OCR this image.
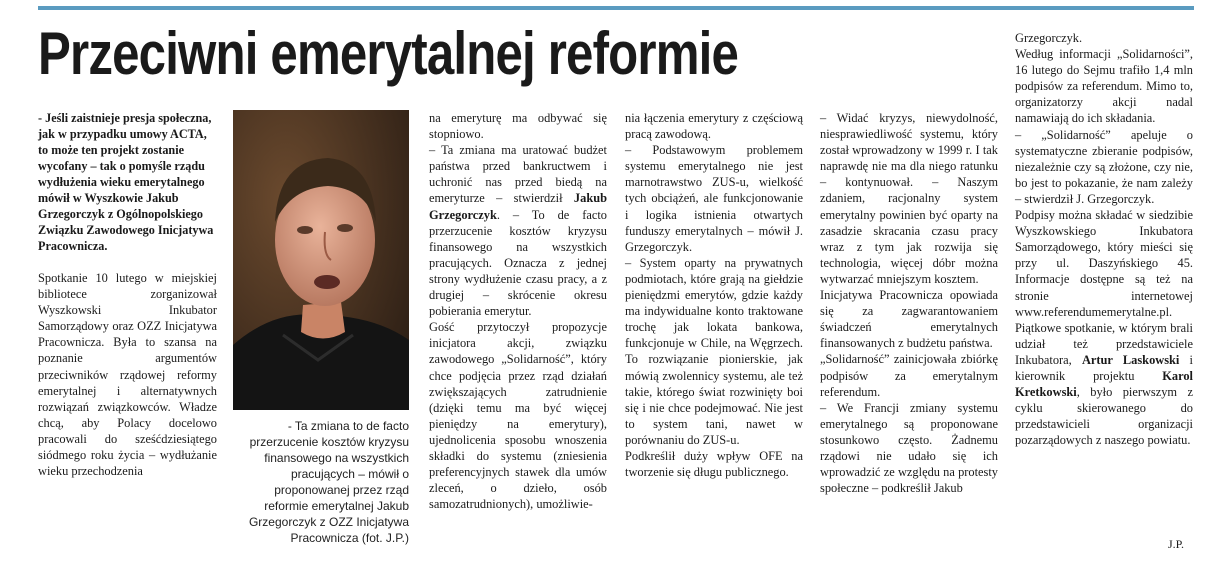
Przeciwni emerytalnej reformie

- Jeśli zaistnieje presja społeczna, jak w przypadku umowy ACTA, to może ten projekt zostanie wycofany – tak o pomyśle rządu wydłużenia wieku emerytalnego mówił w Wyszkowie Jakub Grzegorczyk z Ogólnopolskiego Związku Zawodowego Inicjatywa Pracownicza.

Spotkanie 10 lutego w miejskiej bibliotece zorganizował Wyszkowski Inkubator Samorządowy oraz OZZ Inicjatywa Pracownicza. Była to szansa na poznanie argumentów przeciwników rządowej reformy emerytalnej i alternatywnych rozwiązań związkowców. Władze chcą, aby Polacy docelowo pracowali do sześćdziesiątego siódmego roku życia – wydłużanie wieku przechodzenia

- Ta zmiana to de facto przerzucenie kosztów kryzysu finansowego na wszystkich pracujących – mówił o proponowanej przez rząd reformie emerytalnej Jakub Grzegorczyk z OZZ Inicjatywa Pracownicza (fot. J.P.)

na emeryturę ma odbywać się stopniowo.

– Ta zmiana ma uratować budżet państwa przed bankructwem i uchronić nas przed biedą na emeryturze – stwierdził Jakub Grzegorczyk. – To de facto przerzucenie kosztów kryzysu finansowego na wszystkich pracujących. Oznacza z jednej strony wydłużenie czasu pracy, a z drugiej – skrócenie okresu pobierania emerytur.

Gość przytoczył propozycje inicjatora akcji, związku zawodowego „Solidarność”, który chce podjęcia przez rząd działań zwiększających zatrudnienie (dzięki temu ma być więcej pieniędzy na emerytury), ujednolicenia sposobu wnoszenia składki do systemu (zniesienia preferencyjnych stawek dla umów zleceń, o dzieło, osób samozatrudnionych), umożliwie-

nia łączenia emerytury z częściową pracą zawodową.

– Podstawowym problemem systemu emerytalnego nie jest marnotrawstwo ZUS-u, wielkość tych obciążeń, ale funkcjonowanie i logika istnienia otwartych funduszy emerytalnych – mówił J. Grzegorczyk.

– System oparty na prywatnych podmiotach, które grają na giełdzie pieniędzmi emerytów, gdzie każdy ma indywidualne konto traktowane trochę jak lokata bankowa, funkcjonuje w Chile, na Węgrzech. To rozwiązanie pionierskie, jak mówią zwolennicy systemu, ale też takie, którego świat rozwinięty boi się i nie chce podejmować. Nie jest to system tani, nawet w porównaniu do ZUS-u.

Podkreślił duży wpływ OFE na tworzenie się długu publicznego.

– Widać kryzys, niewydolność, niesprawiedliwość systemu, który został wprowadzony w 1999 r. I tak naprawdę nie ma dla niego ratunku – kontynuował. – Naszym zdaniem, racjonalny system emerytalny powinien być oparty na zasadzie skracania czasu pracy wraz z tym jak rozwija się technologia, więcej dóbr można wytwarzać mniejszym kosztem.

Inicjatywa Pracownicza opowiada się za zagwarantowaniem świadczeń emerytalnych finansowanych z budżetu państwa.

„Solidarność” zainicjowała zbiórkę podpisów za emerytalnym referendum.

– We Francji zmiany systemu emerytalnego są proponowane stosunkowo często. Żadnemu rządowi nie udało się ich wprowadzić ze względu na protesty społeczne – podkreślił Jakub

Grzegorczyk.

Według informacji „Solidarności”, 16 lutego do Sejmu trafiło 1,4 mln podpisów za referendum. Mimo to, organizatorzy akcji nadal namawiają do ich składania.

– „Solidarność” apeluje o systematyczne zbieranie podpisów, niezależnie czy są złożone, czy nie, bo jest to pokazanie, że nam zależy – stwierdził J. Grzegorczyk.

Podpisy można składać w siedzibie Wyszkowskiego Inkubatora Samorządowego, który mieści się przy ul. Daszyńskiego 45. Informacje dostępne są też na stronie internetowej www.referendumemerytalne.pl.

Piątkowe spotkanie, w którym brali udział też przedstawiciele Inkubatora, Artur Laskowski i kierownik projektu Karol Kretkowski, było pierwszym z cyklu skierowanego do przedstawicieli organizacji pozarządowych z naszego powiatu.

J.P.
